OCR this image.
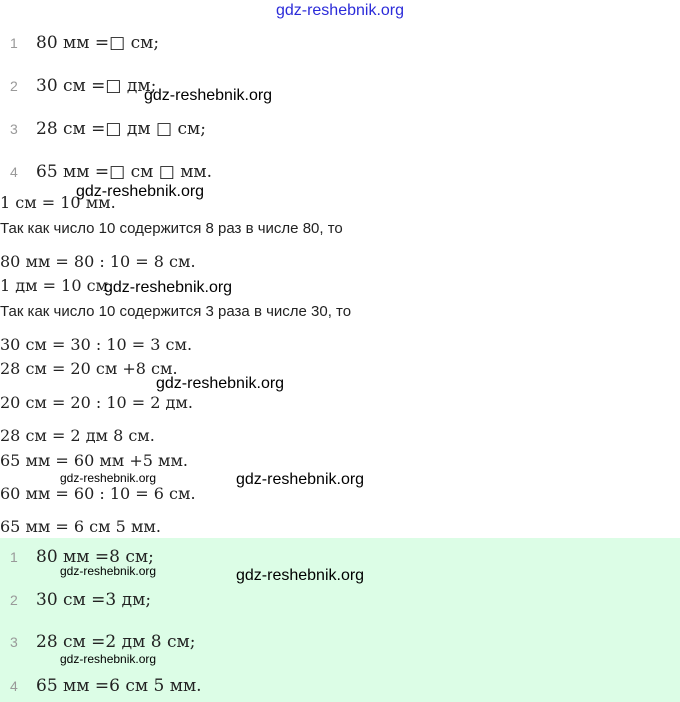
gdz-reshebnik.org
1 80 мм =□ см;
2 30 см =□ дм;
3 28 см =□ дм □ см;
4 65 мм =□ см □ мм.
1 см = 10 мм.
Так как число 10 содержится 8 раз в числе 80, то
80 мм = 80 : 10 = 8 см.
1 дм = 10 см.
Так как число 10 содержится 3 раза в числе 30, то
30 см = 30 : 10 = 3 см.
28 см = 20 см +8 см.
20 см = 20 : 10 = 2 дм.
28 см = 2 дм 8 см.
65 мм = 60 мм +5 мм.
60 мм = 60 : 10 = 6 см.
65 мм = 6 см 5 мм.
1 80 мм =8 см;
2 30 см =3 дм;
3 28 см =2 дм 8 см;
4 65 мм =6 см 5 мм.
gdz-reshebnik.org
gdz-reshebnik.org
gdz-reshebnik.org
gdz-reshebnik.org
gdz-reshebnik.org	gdz-reshebnik.org
gdz-reshebnik.org	gdz-reshebnik.org
gdz-reshebnik.org
